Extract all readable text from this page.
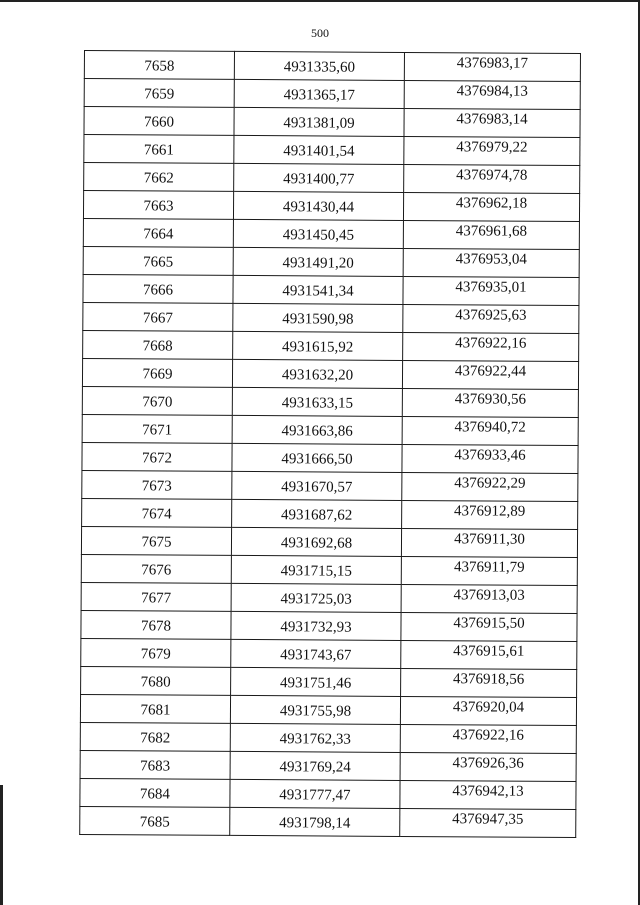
500
7658	4931335,60	4376983,17
7659	4931365,17	4376984,13
7660	4931381,09	4376983,14
7661	4931401,54	4376979,22
7662	4931400,77	4376974,78
7663	4931430,44	4376962,18
7664	4931450,45	4376961,68
7665	4931491,20	4376953,04
7666	4931541,34	4376935,01
7667	4931590,98	4376925,63
7668	4931615,92	4376922,16
7669	4931632,20	4376922,44
7670	4931633,15	4376930,56
7671	4931663,86	4376940,72
7672	4931666,50	4376933,46
7673	4931670,57	4376922,29
7674	4931687,62	4376912,89
7675	4931692,68	4376911,30
7676	4931715,15	4376911,79
7677	4931725,03	4376913,03
7678	4931732,93	4376915,50
7679	4931743,67	4376915,61
7680	4931751,46	4376918,56
7681	4931755,98	4376920,04
7682	4931762,33	4376922,16
7683	4931769,24	4376926,36
7684	4931777,47	4376942,13
7685	4931798,14	4376947,35
